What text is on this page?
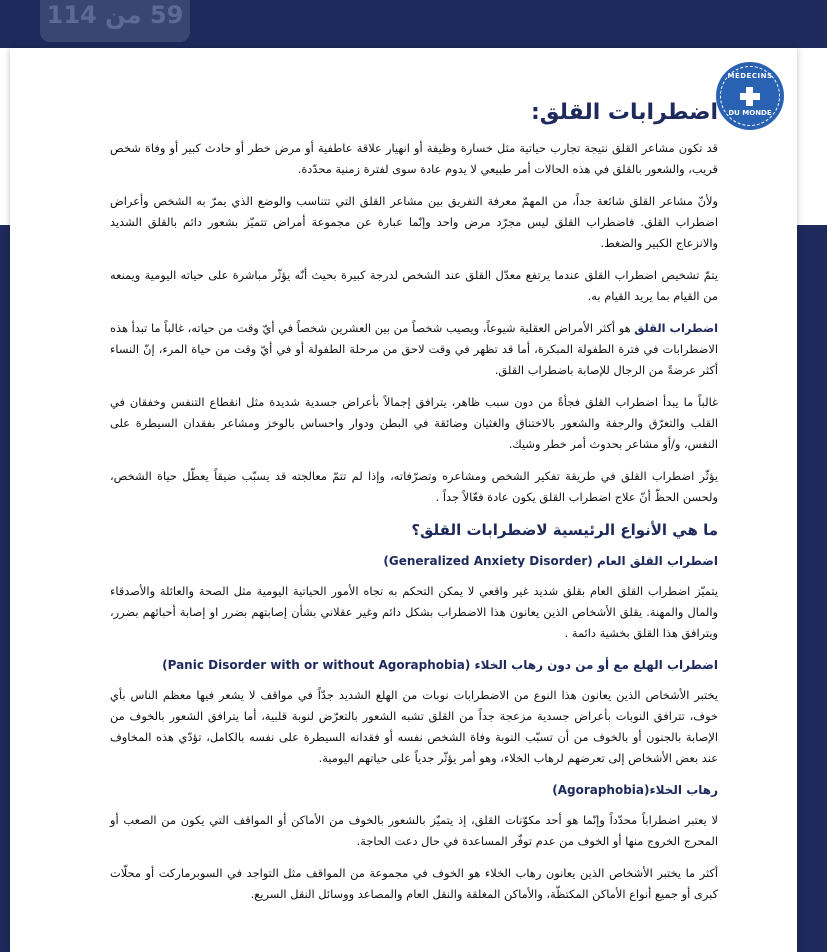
59 من 114
MÉDECINS
DU MONDE
اضطرابات القلق:

قد تكون مشاعر القلق نتيجة تجارب حياتية مثل خسارة وظيفة أو انهيار علاقة عاطفية أو مرض خطر أو حادث كبير أو وفاة شخص قريب، والشعور بالقلق في هذه الحالات أمر طبيعي لا يدوم عادة سوى لفترة زمنية محدّدة.

ولأنّ مشاعر القلق شائعة جداً، من المهمّ معرفة التفريق بين مشاعر القلق التي تتناسب والوضع الذي يمرّ به الشخص وأعراض اضطراب القلق. فاضطراب القلق ليس مجرّد مرض واحد وإنّما عبارة عن مجموعة أمراض تتميّز بشعور دائم بالقلق الشديد والانزعاج الكبير والضغط.

يتمّ تشخيص اضطراب القلق عندما يرتفع معدّل القلق عند الشخص لدرجة كبيرة بحيث أنّه يؤثّر مباشرة على حياته اليومية ويمنعه من القيام بما يريد القيام به.

اضطراب القلق هو أكثر الأمراض العقلية شيوعاً، ويصيب شخصاً من بين العشرين شخصاً في أيّ وقت من حياته، غالباً ما تبدأ هذه الاضطرابات في فترة الطفولة المبكرة، أما قد تظهر في وقت لاحق من مرحلة الطفولة أو في أيّ وقت من حياة المرء، إنّ النساء أكثر عرضةً من الرجال للإصابة باضطراب القلق.

غالباً ما يبدأ اضطراب القلق فجأةً من دون سبب ظاهر، يترافق إجمالاً بأعراض جسدية شديدة مثل انقطاع التنفس وخفقان في القلب والتعرّق والرجفة والشعور بالاختناق والغثيان وضائقة في البطن ودوار واحساس بالوخز ومشاعر بفقدان السيطرة على النفس، و/أو مشاعر بحدوث أمر خطر وشيك.

يؤثّر اضطراب القلق في طريقة تفكير الشخص ومشاعره وتصرّفاته، وإذا لم تتمّ معالجته قد يسبّب ضيقاً يعطّل حياة الشخص، ولحسن الحظّ أنّ علاج اضطراب القلق يكون عادة فعّالاً جداً .

ما هي الأنواع الرئيسية لاضطرابات القلق؟
اضطراب القلق العام (Generalized Anxiety Disorder)

يتميّز اضطراب القلق العام بقلق شديد غير واقعي لا يمكن التحكم به تجاه الأمور الحياتية اليومية مثل الصحة والعائلة والأصدقاء والمال والمهنة. يقلق الأشخاص الذين يعانون هذا الاضطراب بشكل دائم وغير عقلاني بشأن إصابتهم بضرر او إصابة أحبائهم بضرر، ويترافق هذا القلق بخشية دائمة .

اضطراب الهلع مع أو من دون رهاب الخلاء (Panic Disorder with or without Agoraphobia)

يختبر الأشخاص الذين يعانون هذا النوع من الاضطرابات نوبات من الهلع الشديد جدّاً في مواقف لا يشعر فيها معظم الناس بأي خوف، تترافق النوبات بأعراض جسدية مزعجة جداً من القلق تشبه الشعور بالتعرّض لنوبة قلبية، أما يترافق الشعور بالخوف من الإصابة بالجنون أو بالخوف من أن تسبّب النوبة وفاة الشخص نفسه أو فقدانه السيطرة على نفسه بالكامل، تؤدّي هذه المخاوف عند بعض الأشخاص إلى تعرضهم لرهاب الخلاء، وهو أمر يؤثّر جدياً على حياتهم اليومية.

رهاب الخلاء(Agoraphobia)

لا يعتبر اضطراباً محدّداً وإنّما هو أحد مكوّنات القلق، إذ يتميّز بالشعور بالخوف من الأماكن أو المواقف التي يكون من الصعب أو المحرج الخروج منها أو الخوف من عدم توفّر المساعدة في حال دعت الحاجة.

أكثر ما يختبر الأشخاص الذين يعانون رهاب الخلاء هو الخوف في مجموعة من المواقف مثل التواجد في السوبرماركت أو محلّات كبرى أو جميع أنواع الأماكن المكتظّة، والأماكن المغلقة والنقل العام والمصاعد ووسائل النقل السريع.
